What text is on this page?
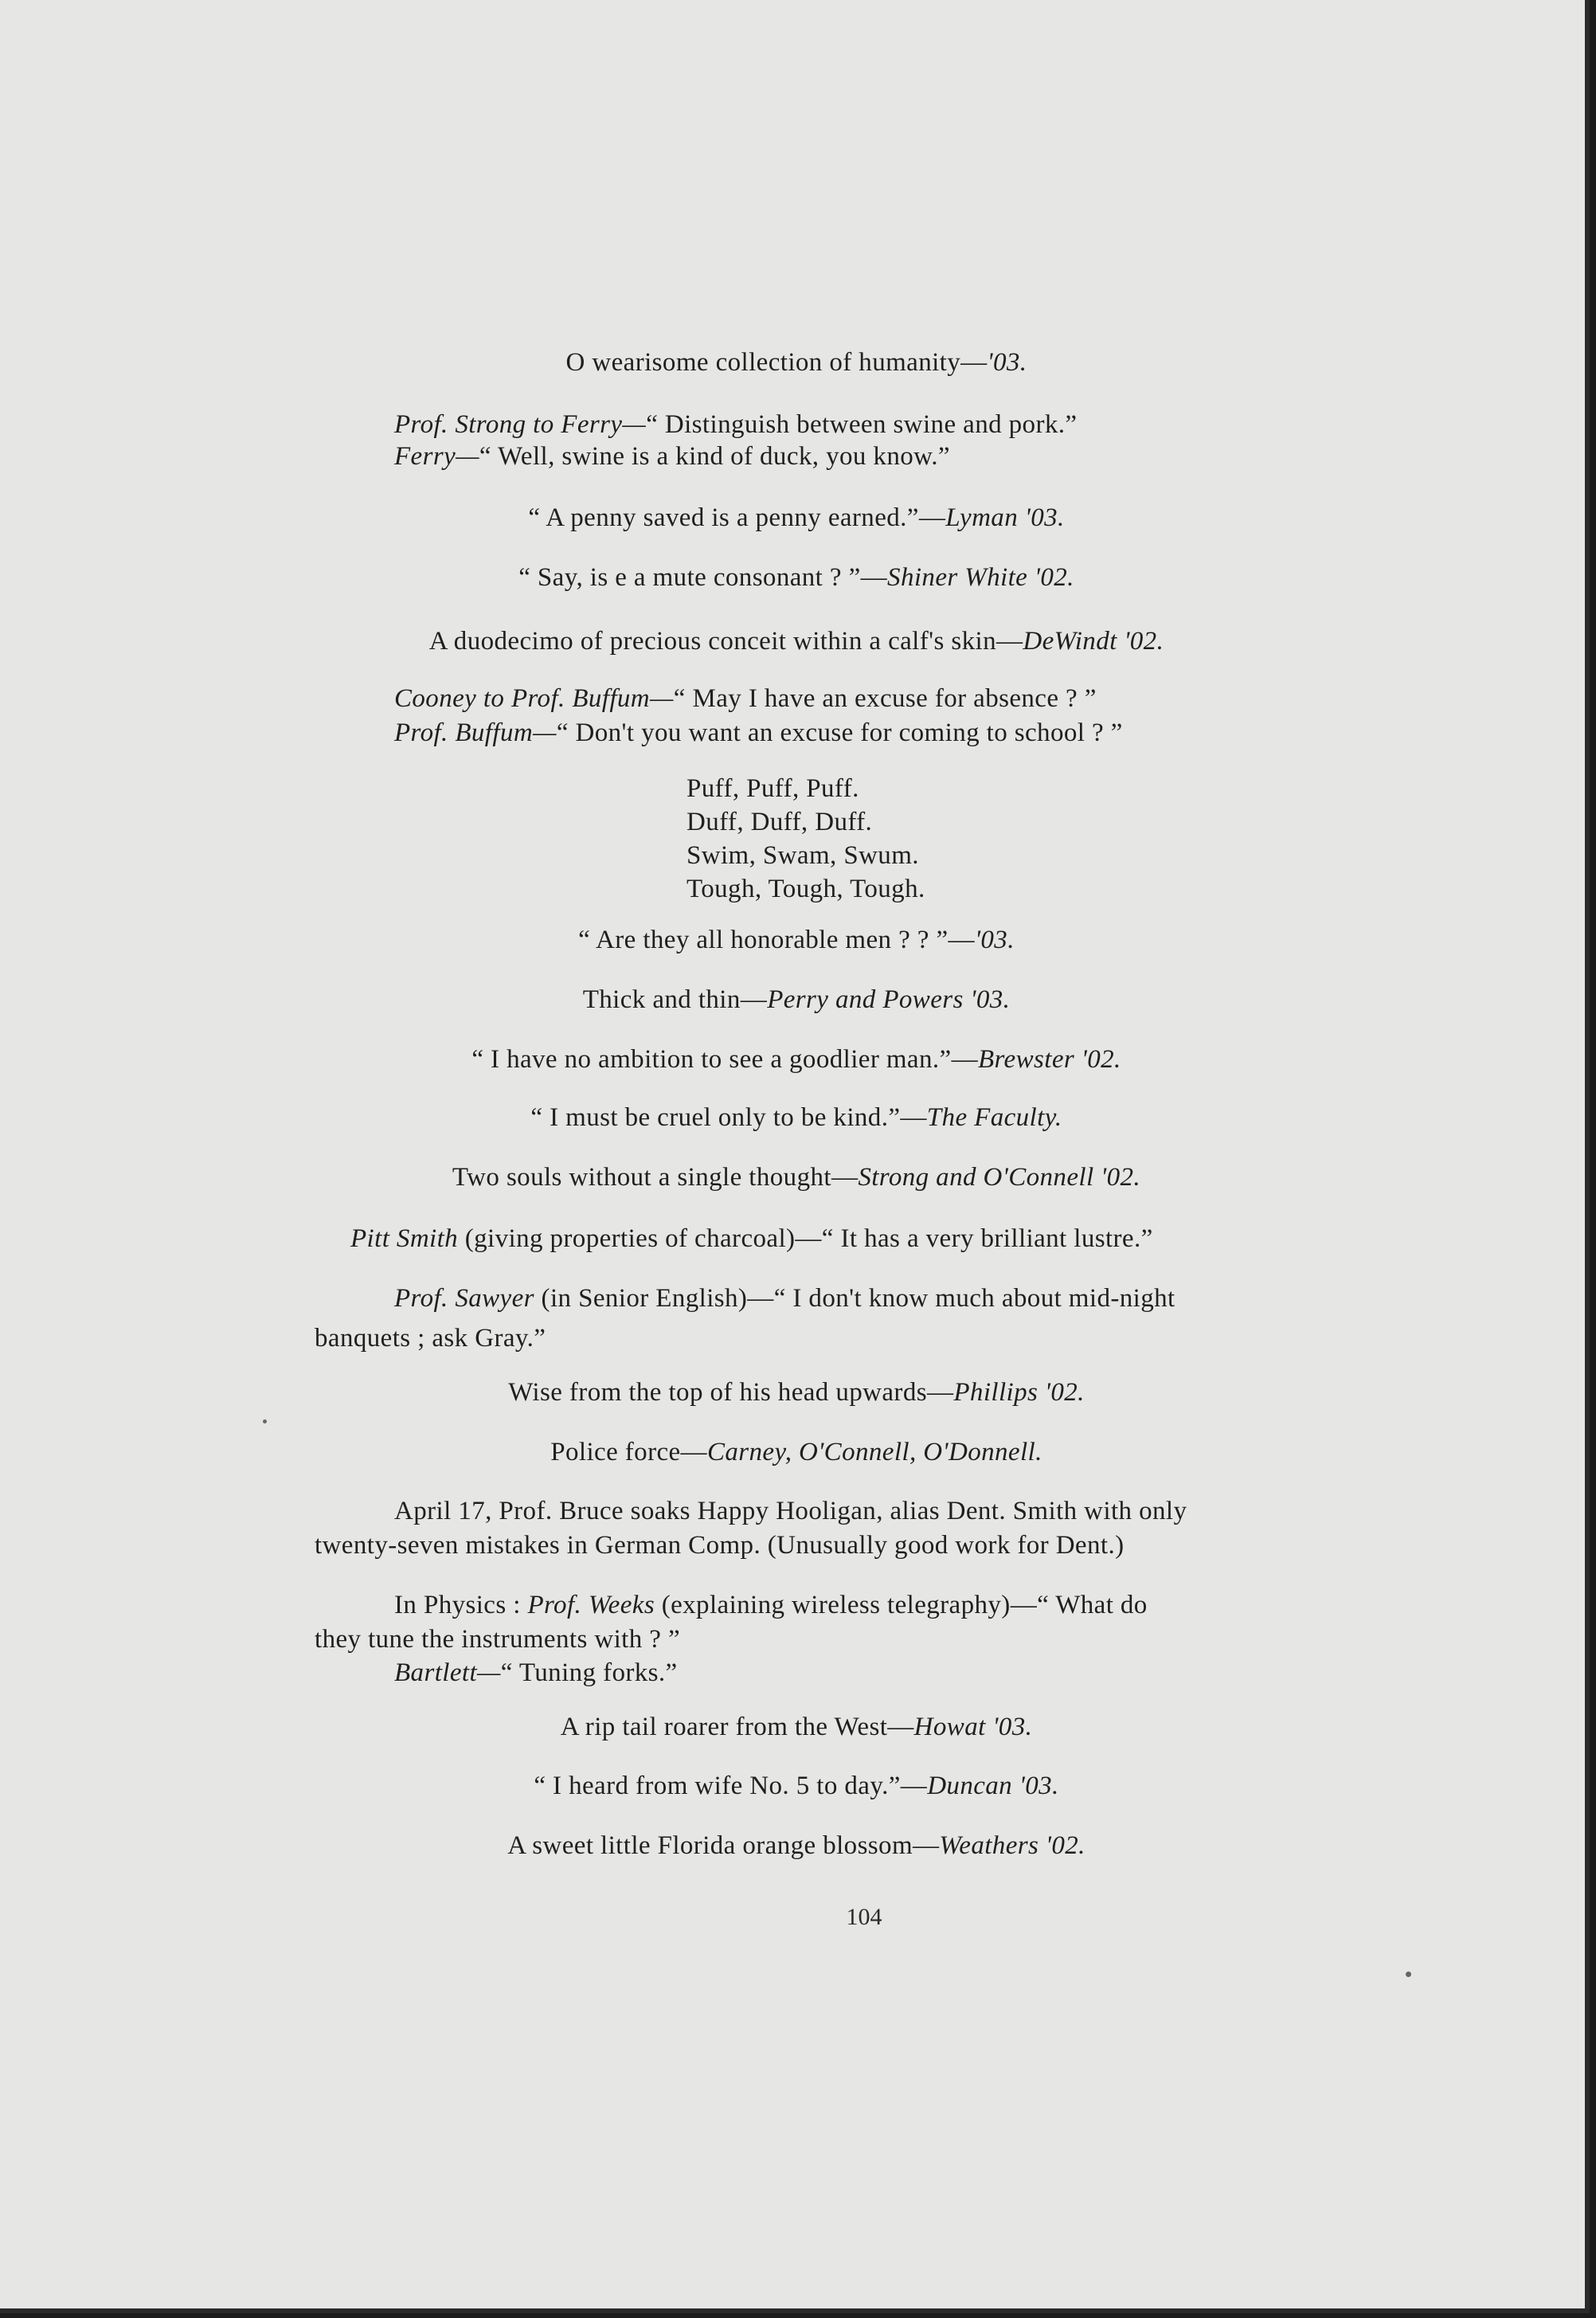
O wearisome collection of humanity—'03.
Prof. Strong to Ferry—“ Distinguish between swine and pork.”
Ferry—“ Well, swine is a kind of duck, you know.”
“ A penny saved is a penny earned.”—Lyman '03.
“ Say, is e a mute consonant ? ”—Shiner White '02.
A duodecimo of precious conceit within a calf's skin—DeWindt '02.
Cooney to Prof. Buffum—“ May I have an excuse for absence ? ”
Prof. Buffum—“ Don't you want an excuse for coming to school ? ”
Puff, Puff, Puff.
Duff, Duff, Duff.
Swim, Swam, Swum.
Tough, Tough, Tough.
“ Are they all honorable men ? ? ”—'03.
Thick and thin—Perry and Powers '03.
“ I have no ambition to see a goodlier man.”—Brewster '02.
“ I must be cruel only to be kind.”—The Faculty.
Two souls without a single thought—Strong and O'Connell '02.
Pitt Smith (giving properties of charcoal)—“ It has a very brilliant lustre.”
Prof. Sawyer (in Senior English)—“ I don't know much about mid-night
banquets ; ask Gray.”
Wise from the top of his head upwards—Phillips '02.
Police force—Carney, O'Connell, O'Donnell.
April 17, Prof. Bruce soaks Happy Hooligan, alias Dent. Smith with only
twenty-seven mistakes in German Comp. (Unusually good work for Dent.)
In Physics : Prof. Weeks (explaining wireless telegraphy)—“ What do
they tune the instruments with ? ”
Bartlett—“ Tuning forks.”
A rip tail roarer from the West—Howat '03.
“ I heard from wife No. 5 to day.”—Duncan '03.
A sweet little Florida orange blossom—Weathers '02.
104
